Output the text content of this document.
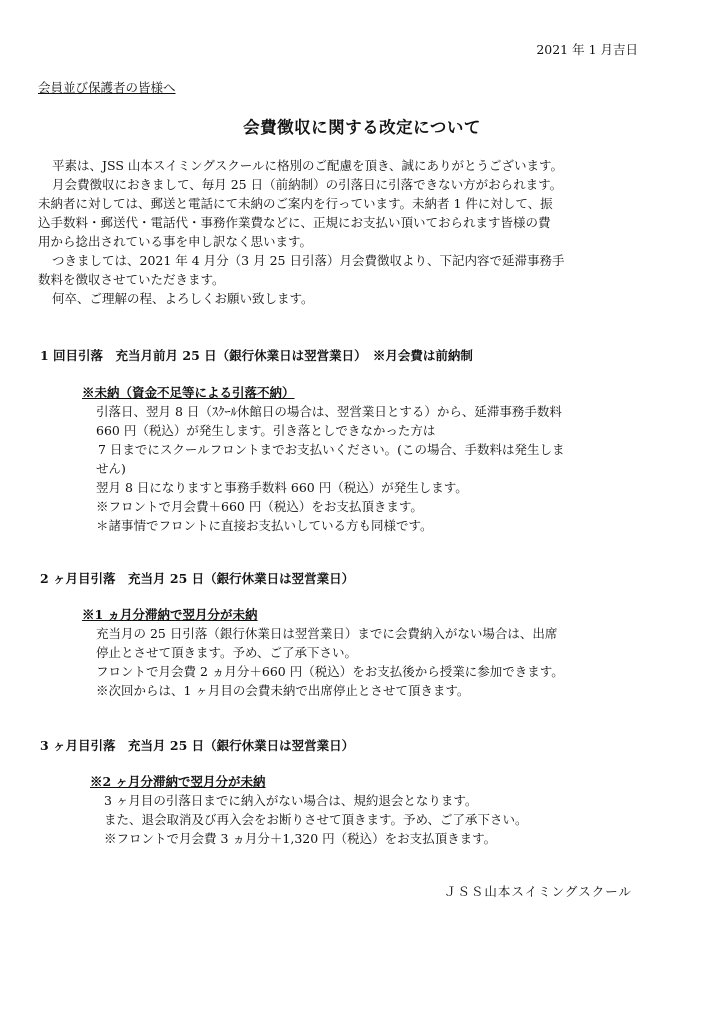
2021 年 1 月吉日
会員並び保護者の皆様へ
会費徴収に関する改定について
平素は、JSS 山本スイミングスクールに格別のご配慮を頂き、誠にありがとうございます。
月会費徴収におきまして、毎月 25 日（前納制）の引落日に引落できない方がおられます。
未納者に対しては、郵送と電話にて未納のご案内を行っています。未納者 1 件に対して、振
込手数料・郵送代・電話代・事務作業費などに、正規にお支払い頂いておられます皆様の費
用から捻出されている事を申し訳なく思います。
つきましては、2021 年 4 月分（3 月 25 日引落）月会費徴収より、下記内容で延滞事務手
数料を徴収させていただきます。
何卒、ご理解の程、よろしくお願い致します。
1 回目引落　充当月前月 25 日（銀行休業日は翌営業日）　※月会費は前納制
※未納（資金不足等による引落不納）
引落日、翌月 8 日（ｽｸｰﾙ休館日の場合は、翌営業日とする）から、延滞事務手数料
660 円（税込）が発生します。引き落としできなかった方は
7 日までにスクールフロントまでお支払いください。(この場合、手数料は発生しま
せん)
翌月 8 日になりますと事務手数料 660 円（税込）が発生します。
※フロントで月会費＋660 円（税込）をお支払頂きます。
＊諸事情でフロントに直接お支払いしている方も同様です。
2 ヶ月目引落　充当月 25 日（銀行休業日は翌営業日）
※1 ヵ月分滞納で翌月分が未納
充当月の 25 日引落（銀行休業日は翌営業日）までに会費納入がない場合は、出席
停止とさせて頂きます。予め、ご了承下さい。
フロントで月会費 2 ヵ月分＋660 円（税込）をお支払後から授業に参加できます。
※次回からは、1 ヶ月目の会費未納で出席停止とさせて頂きます。
3 ヶ月目引落　充当月 25 日（銀行休業日は翌営業日）
※2 ヶ月分滞納で翌月分が未納
3 ヶ月目の引落日までに納入がない場合は、規約退会となります。
また、退会取消及び再入会をお断りさせて頂きます。予め、ご了承下さい。
※フロントで月会費 3 ヵ月分＋1,320 円（税込）をお支払頂きます。
ＪＳＳ山本スイミングスクール
